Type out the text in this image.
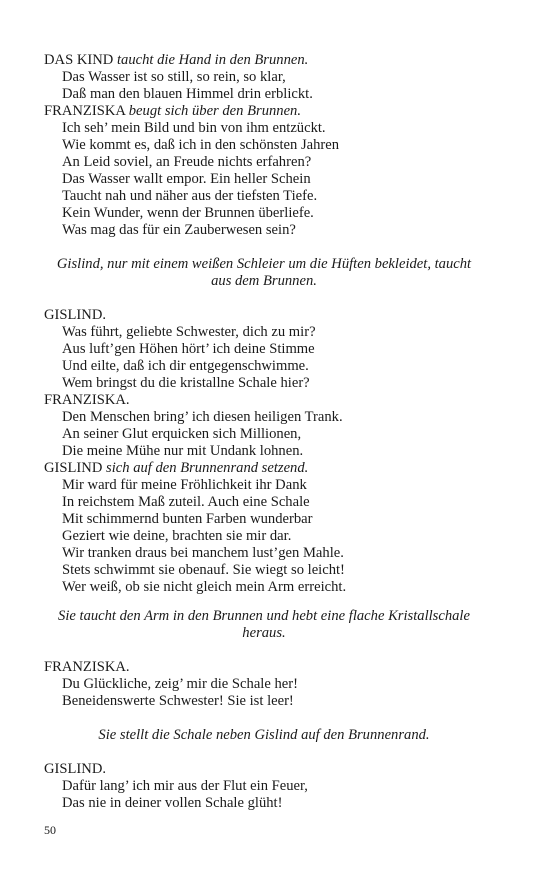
DAS KIND taucht die Hand in den Brunnen.
Das Wasser ist so still, so rein, so klar,
Daß man den blauen Himmel drin erblickt.
FRANZISKA beugt sich über den Brunnen.
Ich seh’ mein Bild und bin von ihm entzückt.
Wie kommt es, daß ich in den schönsten Jahren
An Leid soviel, an Freude nichts erfahren?
Das Wasser wallt empor. Ein heller Schein
Taucht nah und näher aus der tiefsten Tiefe.
Kein Wunder, wenn der Brunnen überliefe.
Was mag das für ein Zauberwesen sein?
Gislind, nur mit einem weißen Schleier um die Hüften bekleidet, taucht
aus dem Brunnen.
GISLIND.
Was führt, geliebte Schwester, dich zu mir?
Aus luft’gen Höhen hört’ ich deine Stimme
Und eilte, daß ich dir entgegenschwimme.
Wem bringst du die kristallne Schale hier?
FRANZISKA.
Den Menschen bring’ ich diesen heiligen Trank.
An seiner Glut erquicken sich Millionen,
Die meine Mühe nur mit Undank lohnen.
GISLIND sich auf den Brunnenrand setzend.
Mir ward für meine Fröhlichkeit ihr Dank
In reichstem Maß zuteil. Auch eine Schale
Mit schimmernd bunten Farben wunderbar
Geziert wie deine, brachten sie mir dar.
Wir tranken draus bei manchem lust’gen Mahle.
Stets schwimmt sie obenauf. Sie wiegt so leicht!
Wer weiß, ob sie nicht gleich mein Arm erreicht.
Sie taucht den Arm in den Brunnen und hebt eine flache Kristallschale
heraus.
FRANZISKA.
Du Glückliche, zeig’ mir die Schale her!
Beneidenswerte Schwester! Sie ist leer!
Sie stellt die Schale neben Gislind auf den Brunnenrand.
GISLIND.
Dafür lang’ ich mir aus der Flut ein Feuer,
Das nie in deiner vollen Schale glüht!
50
